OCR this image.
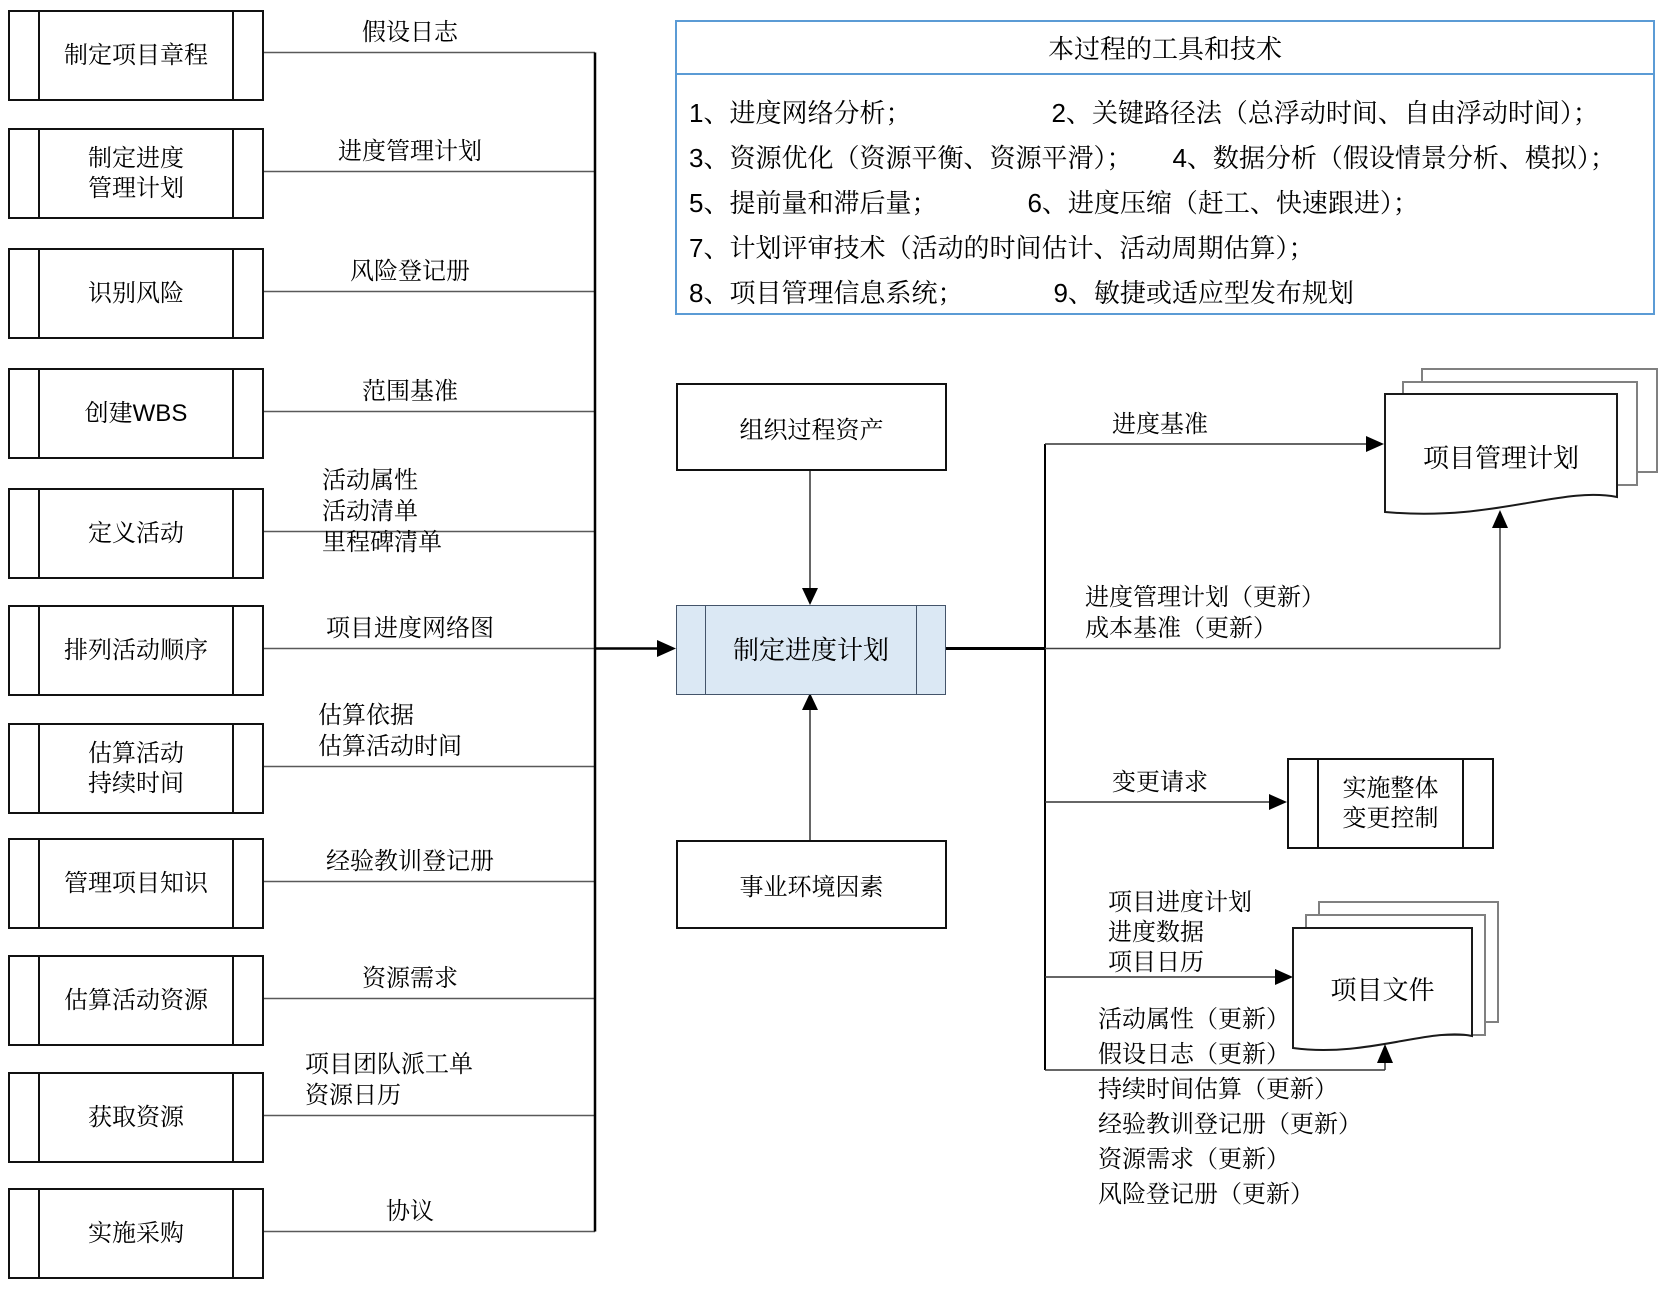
制定项目章程
制定进度
管理计划
识别风险
创建WBS
定义活动
排列活动顺序
估算活动
持续时间
管理项目知识
估算活动资源
获取资源
实施采购
假设日志
进度管理计划
风险登记册
范围基准
活动属性
活动清单
里程碑清单
项目进度网络图
估算依据
估算活动时间
经验教训登记册
资源需求
项目团队派工单
资源日历
协议
本过程的工具和技术
1、进度网络分析；	2、关键路径法（总浮动时间、自由浮动时间）；
3、资源优化（资源平衡、资源平滑）； 4、数据分析（假设情景分析、模拟）；
5、提前量和滞后量；	6、进度压缩（赶工、快速跟进）；
7、计划评审技术（活动的时间估计、活动周期估算）；
8、项目管理信息系统；	9、敏捷或适应型发布规划
组织过程资产
制定进度计划
事业环境因素
进度基准
进度管理计划（更新）
成本基准（更新）
变更请求	实施整体
变更控制
项目进度计划
进度数据
项目日历
活动属性（更新）
假设日志（更新）
持续时间估算（更新）
经验教训登记册（更新）
资源需求（更新）
风险登记册（更新）
项目管理计划
项目文件
